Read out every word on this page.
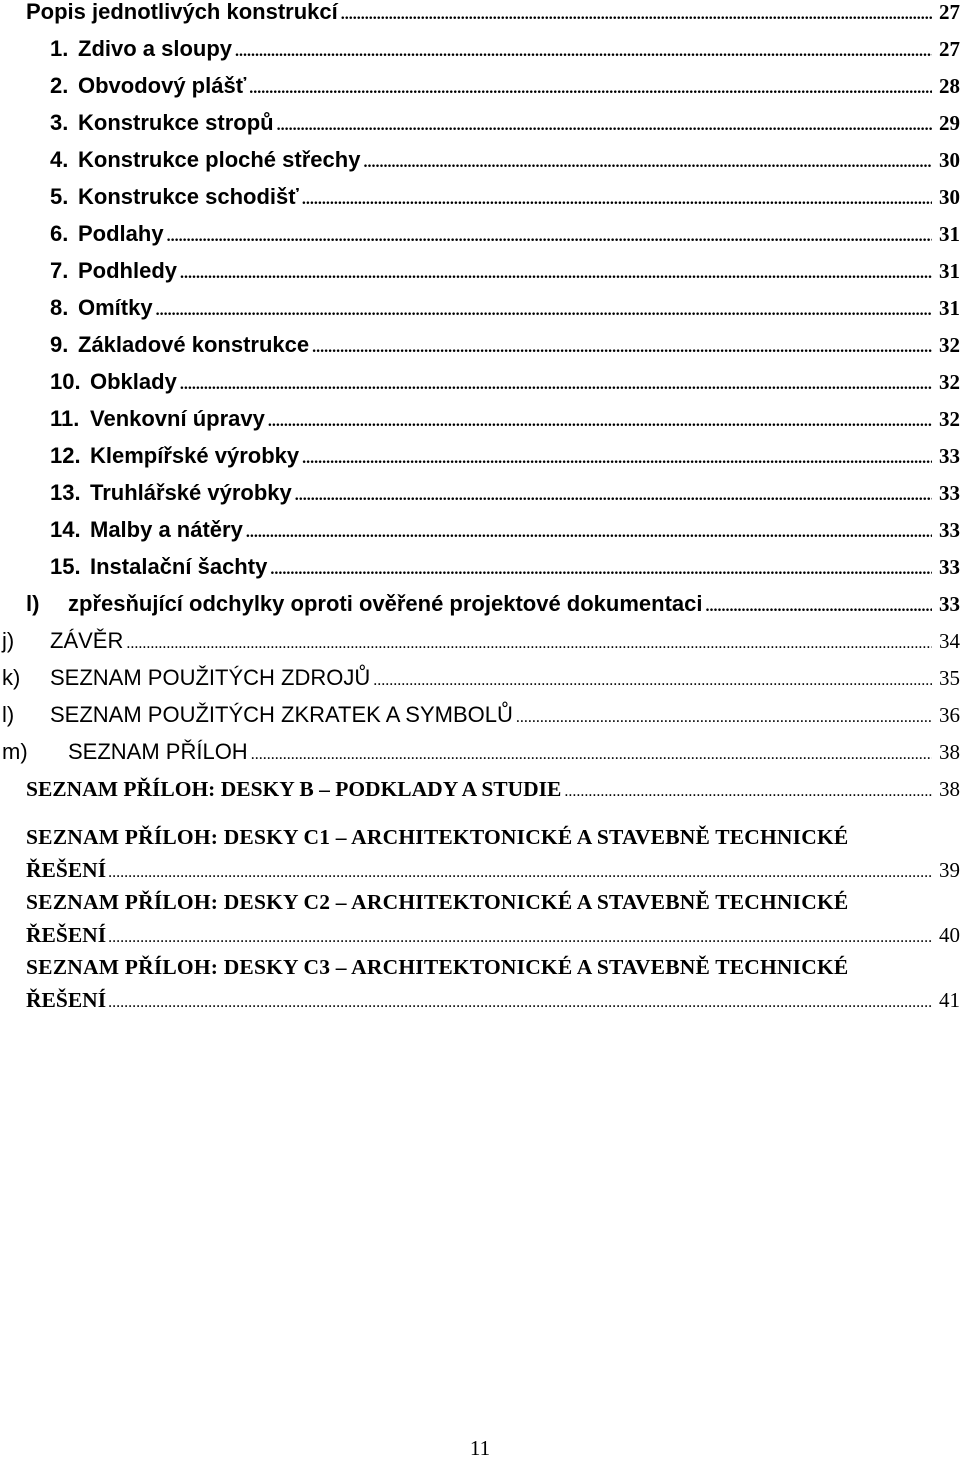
Popis jednotlivých konstrukcí .....	27
1. Zdivo a sloupy .....	27
2. Obvodový plášť .....	28
3. Konstrukce stropů .....	29
4. Konstrukce ploché střechy .....	30
5. Konstrukce schodišť .....	30
6. Podlahy .....	31
7. Podhledy .....	31
8. Omítky .....	31
9. Základové konstrukce .....	32
10. Obklady .....	32
11. Venkovní úpravy .....	32
12. Klempířské výrobky .....	33
13. Truhlářské výrobky .....	33
14. Malby a nátěry .....	33
15. Instalační šachty .....	33
l) zpřesňující odchylky oproti ověřené projektové dokumentaci .....	33
j) ZÁVĚR .....	34
k) SEZNAM POUŽITÝCH ZDROJŮ .....	35
l) SEZNAM POUŽITÝCH ZKRATEK A SYMBOLŮ .....	36
m) SEZNAM PŘÍLOH .....	38
SEZNAM PŘÍLOH: DESKY B – PODKLADY A STUDIE .....	38
SEZNAM PŘÍLOH: DESKY C1 – ARCHITEKTONICKÉ A STAVEBNĚ TECHNICKÉ
ŘEŠENÍ .....	39
SEZNAM PŘÍLOH: DESKY C2 – ARCHITEKTONICKÉ A STAVEBNĚ TECHNICKÉ
ŘEŠENÍ .....	40
SEZNAM PŘÍLOH: DESKY C3 – ARCHITEKTONICKÉ A STAVEBNĚ TECHNICKÉ
ŘEŠENÍ .....	41
11
